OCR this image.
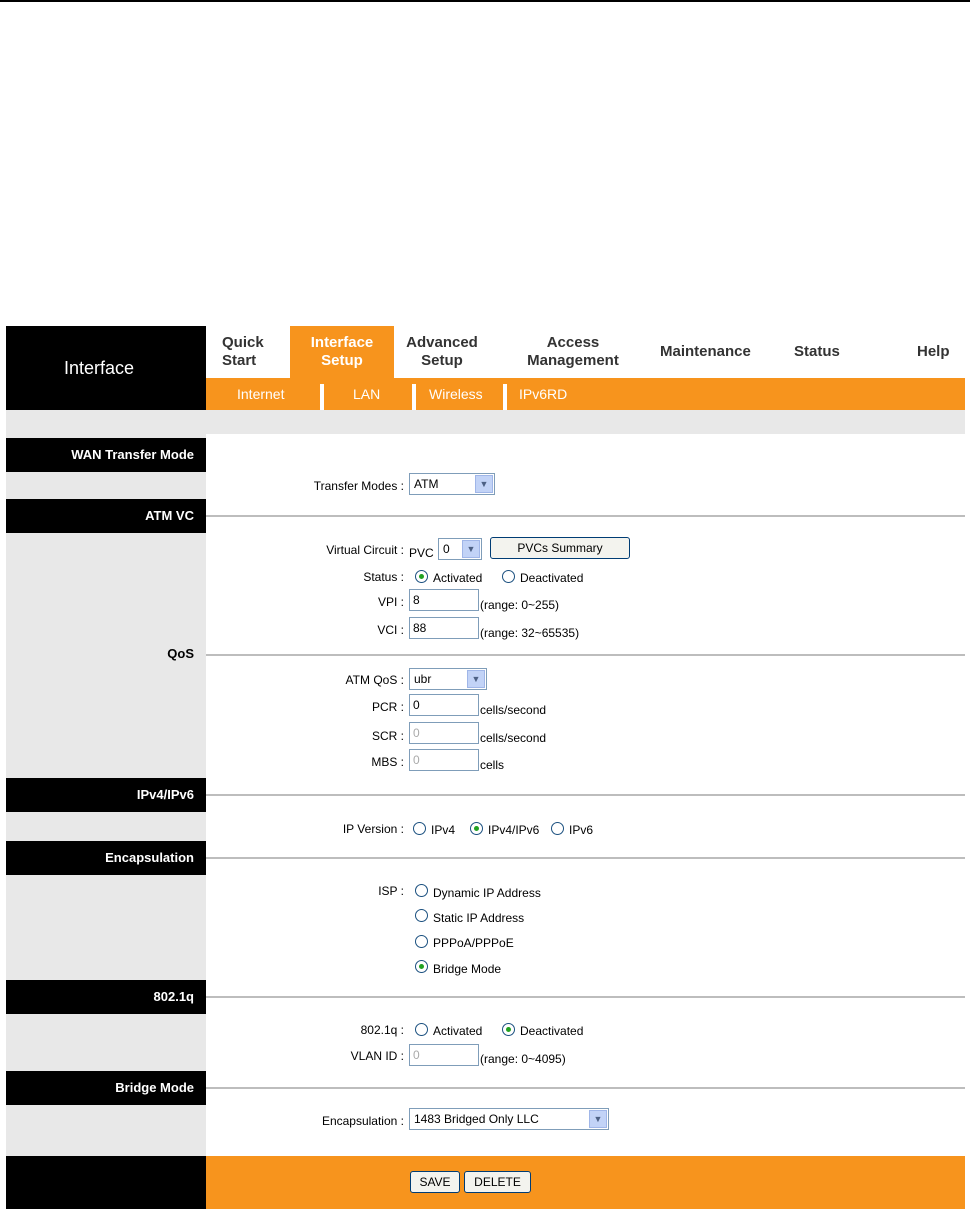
Interface
Quick
Start
Interface
Setup
Advanced
Setup
Access
Management
Maintenance	Status	Help
Internet	LAN	Wireless	IPv6RD
WAN Transfer Mode
ATM VC
QoS
IPv4/IPv6
Encapsulation
802.1q
Bridge Mode
Transfer Modes : ATM	▼
Virtual Circuit : PVC 0	▼	PVCs Summary
Status : Activated	Deactivated
VPI : 8	(range: 0~255)
VCI : 88	(range: 32~65535)
ATM QoS : ubr	▼
PCR : 0	cells/second
SCR : 0	cells/second
MBS : 0	cells
IP Version : IPv4	IPv4/IPv6 IPv6
ISP : Dynamic IP Address
Static IP Address
PPPoA/PPPoE
Bridge Mode
802.1q : Activated	Deactivated
VLAN ID : 0	(range: 0~4095)
Encapsulation : 1483 Bridged Only LLC	▼
SAVE	DELETE
